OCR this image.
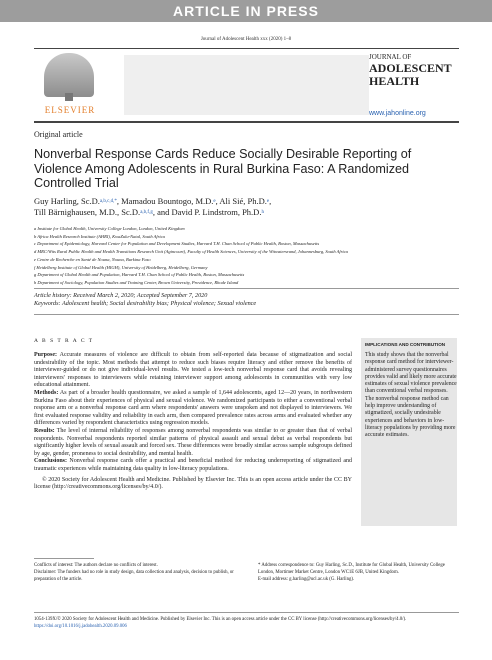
ARTICLE IN PRESS
Journal of Adolescent Health xxx (2020) 1–8
ELSEVIER
JOURNAL OF
ADOLESCENT
HEALTH
www.jahonline.org
Original article
Nonverbal Response Cards Reduce Socially Desirable Reporting of Violence Among Adolescents in Rural Burkina Faso: A Randomized Controlled Trial
Guy Harling, Sc.D.$^{a,b,c,d,*}$, Mamadou Bountogo, M.D.$^e$, Ali Sié, Ph.D.$^e$,
Till Bärnighausen, M.D., Sc.D.$^{a,b,f,g}$, and David P. Lindstrom, Ph.D.$^h$
a Institute for Global Health, University College London, London, United Kingdom
b Africa Health Research Institute (AHRI), KwaZulu-Natal, South Africa
c Department of Epidemiology, Harvard Center for Population and Development Studies, Harvard T.H. Chan School of Public Health, Boston, Massachusetts
d MRC/Wits Rural Public Health and Health Transitions Research Unit (Agincourt), Faculty of Health Sciences, University of the Witwatersrand, Johannesburg, South Africa
e Centre de Recherche en Santé de Nouna, Nouna, Burkina Faso
f Heidelberg Institute of Global Health (HIGH), University of Heidelberg, Heidelberg, Germany
g Department of Global Health and Population, Harvard T.H. Chan School of Public Health, Boston, Massachusetts
h Department of Sociology, Population Studies and Training Center, Brown University, Providence, Rhode Island
Article history: Received March 2, 2020; Accepted September 7, 2020
Keywords: Adolescent health; Social desirability bias; Physical violence; Sexual violence
A B S T R A C T

Purpose: Accurate measures of violence are difficult to obtain from self-reported data because of stigmatization and social undesirability of the topic. Most methods that attempt to reduce such biases require literacy and either remove the benefits of interviewer-guided or do not give individual-level results. We tested a low-tech nonverbal response card that avoids revealing interviewers' responses to interviewers while retaining interviewer support among adolescents in communities with very low educational attainment.

Methods: As part of a broader health questionnaire, we asked a sample of 1,644 adolescents, aged 12—20 years, in northwestern Burkina Faso about their experiences of physical and sexual violence. We randomized participants to either a conventional verbal response arm or a nonverbal response card arm where respondents' answers were unspoken and not displayed to interviewers. We first evaluated response validity and reliability in each arm, then compared prevalence rates across arms and evaluated whether any differences varied by respondent characteristics using regression models.

Results: The level of internal reliability of responses among nonverbal respondents was similar to or greater than that of verbal respondents. Nonverbal respondents reported similar patterns of physical assault and sexual debut as verbal respondents but significantly higher levels of sexual assault and forced sex. These differences were broadly similar across sample subgroups defined by age, gender, proneness to social desirability, and mental health.

Conclusions: Nonverbal response cards offer a practical and beneficial method for reducing underreporting of stigmatized and traumatic experiences while maintaining data quality in low-literacy populations.

© 2020 Society for Adolescent Health and Medicine. Published by Elsevier Inc. This is an open access article under the CC BY license (http://creativecommons.org/licenses/by/4.0/).

IMPLICATIONS AND CONTRIBUTION
This study shows that the nonverbal response card method for interviewer-administered survey questionnaires provides valid and likely more accurate estimates of sexual violence prevalence than conventional verbal responses. The nonverbal response method can help improve understanding of stigmatized, socially undesirable experiences and behaviors in low-literacy populations by providing more accurate estimates.
Conflicts of interest: The authors declare no conflicts of interest.
Disclaimer: The funders had no role in study design, data collection and analysis, decision to publish, or preparation of the article.
* Address correspondence to: Guy Harling, Sc.D., Institute for Global Health, University College London, Mortimer Market Centre, London WC1E 6JB, United Kingdom.
E-mail address: g.harling@ucl.ac.uk (G. Harling).
1054-139X/© 2020 Society for Adolescent Health and Medicine. Published by Elsevier Inc. This is an open access article under the CC BY license (http://creativecommons.org/licenses/by/4.0/).
https://doi.org/10.1016/j.jadohealth.2020.09.006
